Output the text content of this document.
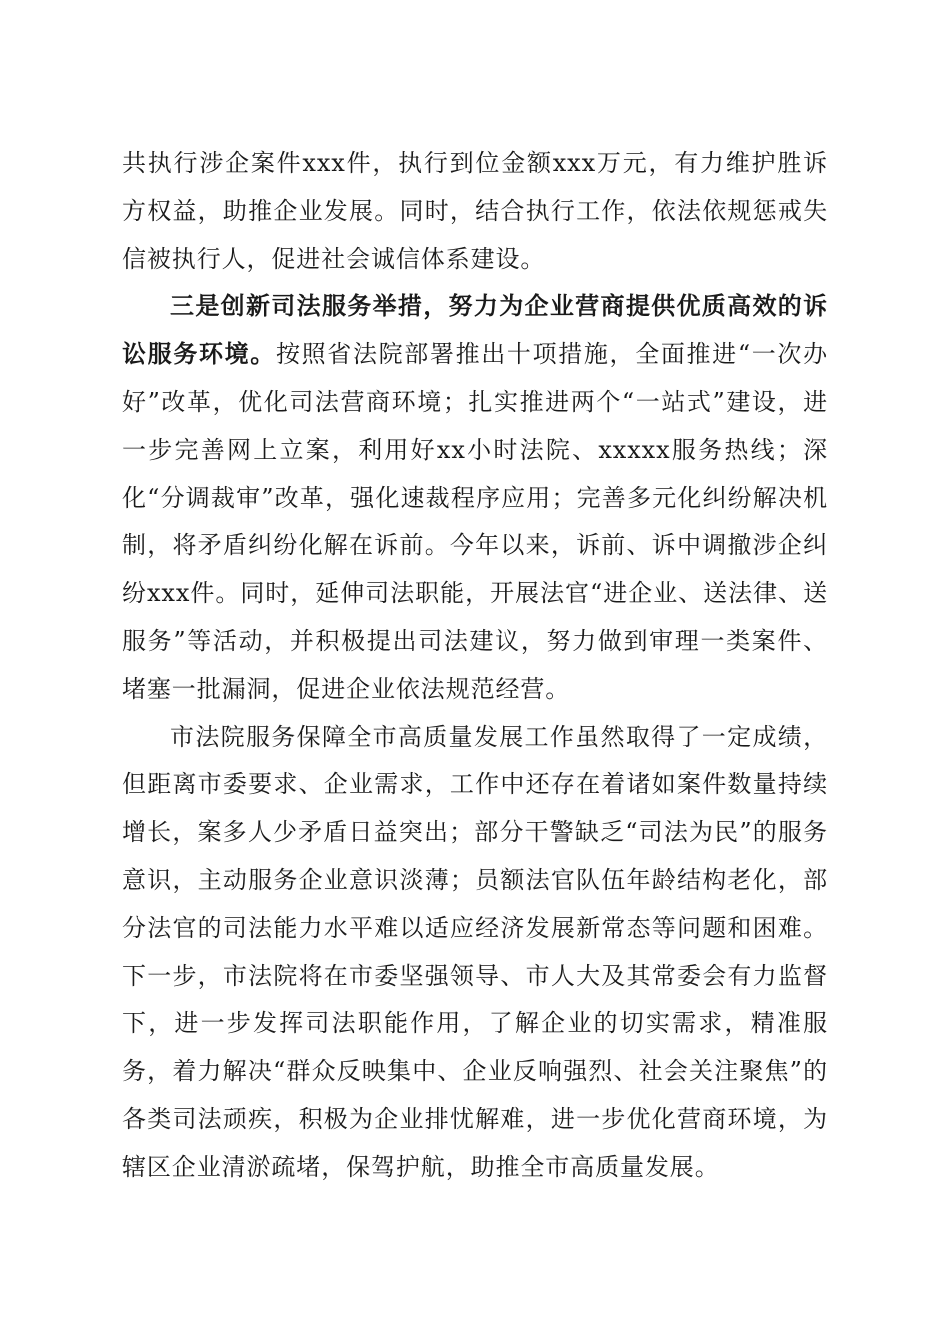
共执行涉企案件xxx件，执行到位金额xxx万元，有力维护胜诉方权益，助推企业发展。同时，结合执行工作，依法依规惩戒失信被执行人，促进社会诚信体系建设。

三是创新司法服务举措，努力为企业营商提供优质高效的诉讼服务环境。按照省法院部署推出十项措施，全面推进“一次办好”改革，优化司法营商环境；扎实推进两个“一站式”建设，进一步完善网上立案，利用好xx小时法院、xxxxx服务热线；深化“分调裁审”改革，强化速裁程序应用；完善多元化纠纷解决机制，将矛盾纠纷化解在诉前。今年以来，诉前、诉中调撤涉企纠纷xxx件。同时，延伸司法职能，开展法官“进企业、送法律、送服务”等活动，并积极提出司法建议，努力做到审理一类案件、堵塞一批漏洞，促进企业依法规范经营。

市法院服务保障全市高质量发展工作虽然取得了一定成绩，但距离市委要求、企业需求，工作中还存在着诸如案件数量持续增长，案多人少矛盾日益突出；部分干警缺乏“司法为民”的服务意识，主动服务企业意识淡薄；员额法官队伍年龄结构老化，部分法官的司法能力水平难以适应经济发展新常态等问题和困难。下一步，市法院将在市委坚强领导、市人大及其常委会有力监督下，进一步发挥司法职能作用，了解企业的切实需求，精准服务，着力解决“群众反映集中、企业反响强烈、社会关注聚焦”的各类司法顽疾，积极为企业排忧解难，进一步优化营商环境，为辖区企业清淤疏堵，保驾护航，助推全市高质量发展。
